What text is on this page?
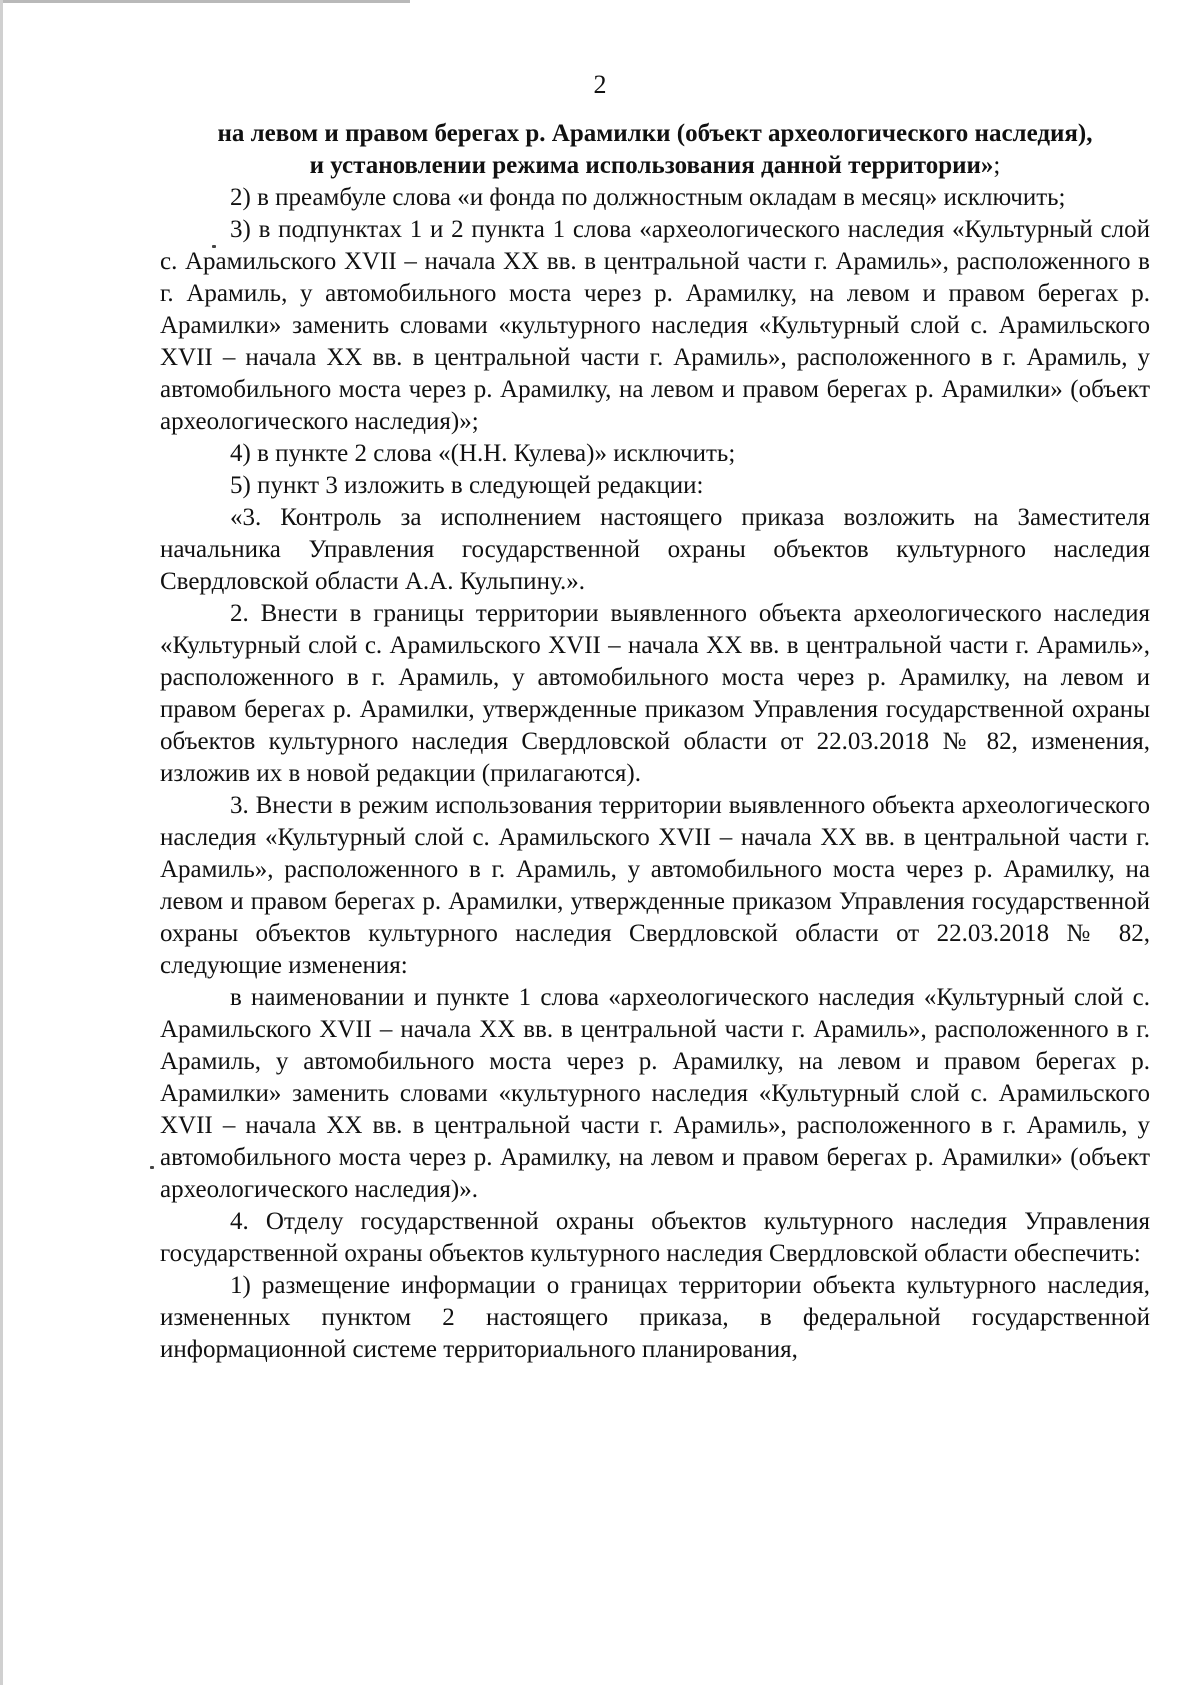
2

на левом и правом берегах р. Арамилки (объект археологического наследия),
и установлении режима использования данной территории»;

2) в преамбуле слова «и фонда по должностным окладам в месяц» исключить;

3) в подпунктах 1 и 2 пункта 1 слова «археологического наследия «Культурный слой с. Арамильского XVII – начала XX вв. в центральной части г. Арамиль», расположенного в г. Арамиль, у автомобильного моста через р. Арамилку, на левом и правом берегах р. Арамилки» заменить словами «культурного наследия «Культурный слой с. Арамильского XVII – начала XX вв. в центральной части г. Арамиль», расположенного в г. Арамиль, у автомобильного моста через р. Арамилку, на левом и правом берегах р. Арамилки» (объект археологического наследия)»;

4) в пункте 2 слова «(Н.Н. Кулева)» исключить;

5) пункт 3 изложить в следующей редакции:

«3. Контроль за исполнением настоящего приказа возложить на Заместителя начальника Управления государственной охраны объектов культурного наследия Свердловской области А.А. Кульпину.».

2. Внести в границы территории выявленного объекта археологического наследия «Культурный слой с. Арамильского XVII – начала XX вв. в центральной части г. Арамиль», расположенного в г. Арамиль, у автомобильного моста через р. Арамилку, на левом и правом берегах р. Арамилки, утвержденные приказом Управления государственной охраны объектов культурного наследия Свердловской области от 22.03.2018 № 82, изменения, изложив их в новой редакции (прилагаются).

3. Внести в режим использования территории выявленного объекта археологического наследия «Культурный слой с. Арамильского XVII – начала XX вв. в центральной части г. Арамиль», расположенного в г. Арамиль, у автомобильного моста через р. Арамилку, на левом и правом берегах р. Арамилки, утвержденные приказом Управления государственной охраны объектов культурного наследия Свердловской области от 22.03.2018 № 82, следующие изменения:

в наименовании и пункте 1 слова «археологического наследия «Культурный слой с. Арамильского XVII – начала XX вв. в центральной части г. Арамиль», расположенного в г. Арамиль, у автомобильного моста через р. Арамилку, на левом и правом берегах р. Арамилки» заменить словами «культурного наследия «Культурный слой с. Арамильского XVII – начала XX вв. в центральной части г. Арамиль», расположенного в г. Арамиль, у автомобильного моста через р. Арамилку, на левом и правом берегах р. Арамилки» (объект археологического наследия)».

4. Отделу государственной охраны объектов культурного наследия Управления государственной охраны объектов культурного наследия Свердловской области обеспечить:

1) размещение информации о границах территории объекта культурного наследия, измененных пунктом 2 настоящего приказа, в федеральной государственной информационной системе территориального планирования,
